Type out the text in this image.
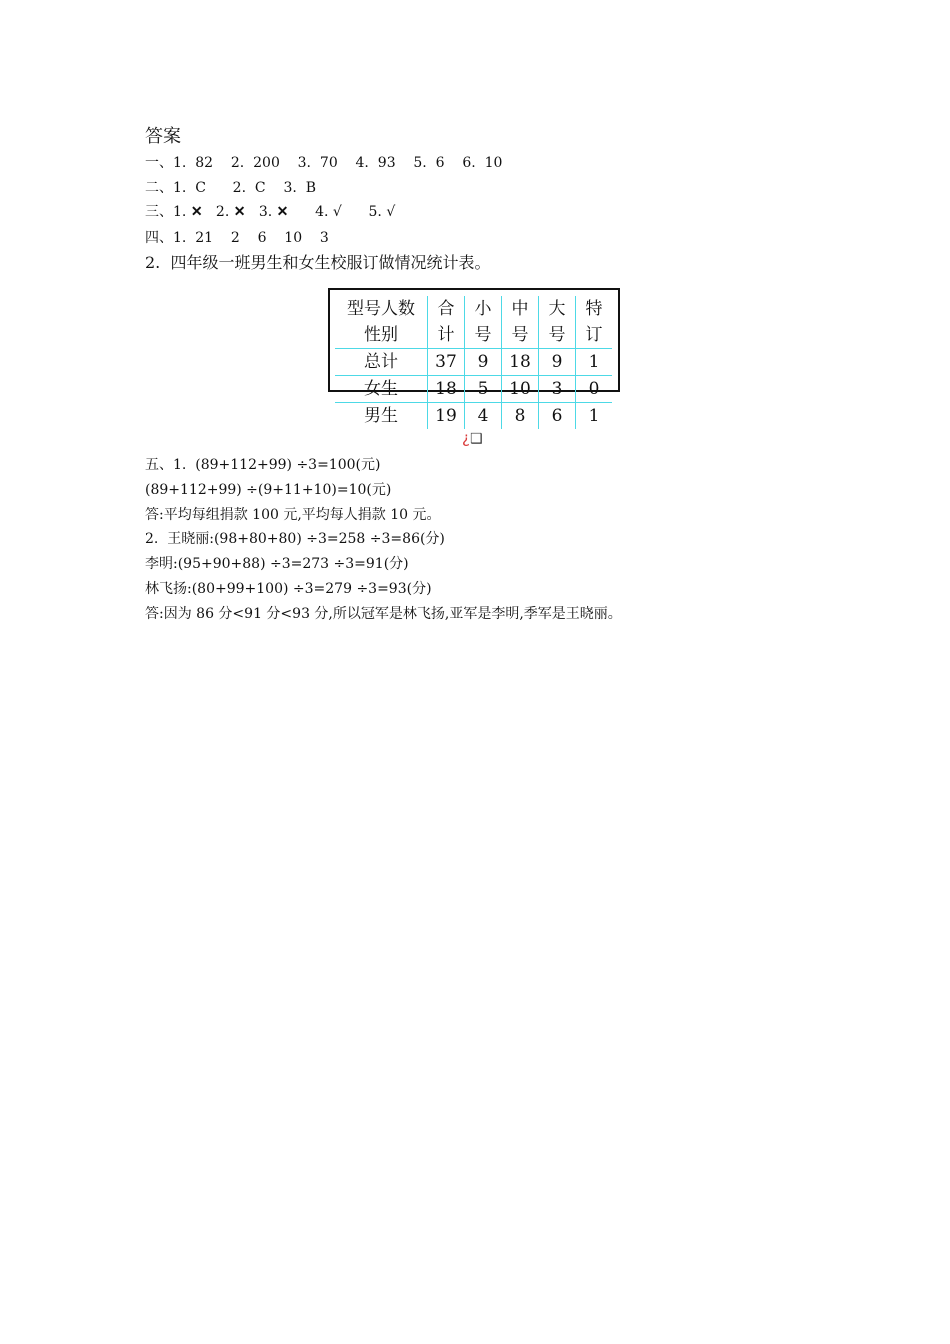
答案
一、1.  82    2.  200    3.  70    4.  93    5.  6    6.  10
二、1.  C      2.  C    3.  B
三、1. ✕ 2. ✕ 3. ✕ 4. √ 5. √
四、1.  21    2    6    10    3
2.  四年级一班男生和女生校服订做情况统计表。
型号人数
性别	合计	小号	中号	大号	特订

总计	37	9	18	9	1
女生	18	5	10	3	0
男生	19	4	8	6	1
¿❑
五、1.  (89+112+99) ÷3=100(元)
(89+112+99) ÷(9+11+10)=10(元)
答:平均每组捐款 100 元,平均每人捐款 10 元。
2.  王晓丽:(98+80+80) ÷3=258 ÷3=86(分)
李明:(95+90+88) ÷3=273 ÷3=91(分)
林飞扬:(80+99+100) ÷3=279 ÷3=93(分)
答:因为 86 分<91 分<93 分,所以冠军是林飞扬,亚军是李明,季军是王晓丽。
